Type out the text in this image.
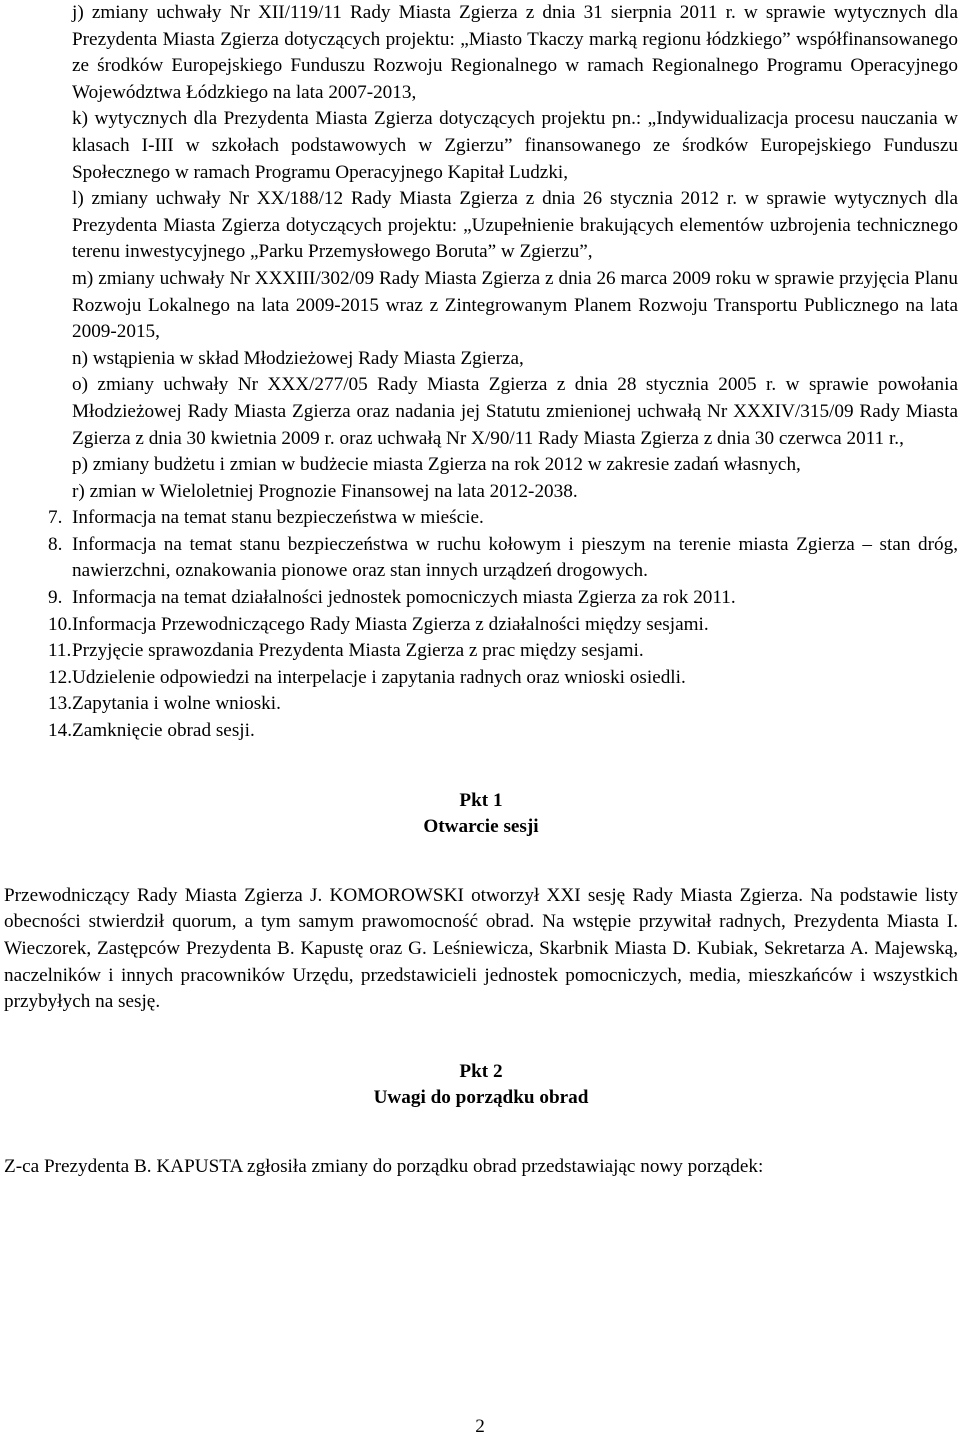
j) zmiany uchwały Nr XII/119/11 Rady Miasta Zgierza z dnia 31 sierpnia 2011 r. w sprawie wytycznych dla Prezydenta Miasta Zgierza dotyczących projektu: „Miasto Tkaczy marką regionu łódzkiego” współfinansowanego ze środków Europejskiego Funduszu Rozwoju Regionalnego w ramach Regionalnego Programu Operacyjnego Województwa Łódzkiego na lata 2007-2013,

k) wytycznych dla Prezydenta Miasta Zgierza dotyczących projektu pn.: „Indywidualizacja procesu nauczania w klasach I-III w szkołach podstawowych w Zgierzu” finansowanego ze środków Europejskiego Funduszu Społecznego w ramach Programu Operacyjnego Kapitał Ludzki,

l) zmiany uchwały Nr XX/188/12 Rady Miasta Zgierza z dnia 26 stycznia 2012 r. w sprawie wytycznych dla Prezydenta Miasta Zgierza dotyczących projektu: „Uzupełnienie brakujących elementów uzbrojenia technicznego terenu inwestycyjnego „Parku Przemysłowego Boruta” w Zgierzu”,

m) zmiany uchwały Nr XXXIII/302/09 Rady Miasta Zgierza z dnia 26 marca 2009 roku w sprawie przyjęcia Planu Rozwoju Lokalnego na lata 2009-2015 wraz z Zintegrowanym Planem Rozwoju Transportu Publicznego na lata 2009-2015,

n) wstąpienia w skład Młodzieżowej Rady Miasta Zgierza,

o) zmiany uchwały Nr XXX/277/05 Rady Miasta Zgierza z dnia 28 stycznia 2005 r. w sprawie powołania Młodzieżowej Rady Miasta Zgierza oraz nadania jej Statutu zmienionej uchwałą Nr XXXIV/315/09 Rady Miasta Zgierza z dnia 30 kwietnia 2009 r. oraz uchwałą Nr X/90/11 Rady Miasta Zgierza z dnia 30 czerwca 2011 r.,

p) zmiany budżetu i zmian w budżecie miasta Zgierza na rok 2012 w zakresie zadań własnych,

r) zmian w Wieloletniej Prognozie Finansowej na lata 2012-2038.

7. Informacja na temat stanu bezpieczeństwa w mieście.
8. Informacja na temat stanu bezpieczeństwa w ruchu kołowym i pieszym na terenie miasta Zgierza – stan dróg, nawierzchni, oznakowania pionowe oraz stan innych urządzeń drogowych.
9. Informacja na temat działalności jednostek pomocniczych miasta Zgierza za rok 2011.
10. Informacja Przewodniczącego Rady Miasta Zgierza z działalności między sesjami.
11. Przyjęcie sprawozdania Prezydenta Miasta Zgierza z prac między sesjami.
12. Udzielenie odpowiedzi na interpelacje i zapytania radnych oraz wnioski osiedli.
13. Zapytania i wolne wnioski.
14. Zamknięcie obrad sesji.
Pkt 1
Otwarcie sesji

Przewodniczący Rady Miasta Zgierza J. KOMOROWSKI otworzył XXI sesję Rady Miasta Zgierza. Na podstawie listy obecności stwierdził quorum, a tym samym prawomocność obrad. Na wstępie przywitał radnych, Prezydenta Miasta I. Wieczorek, Zastępców Prezydenta B. Kapustę oraz G. Leśniewicza, Skarbnik Miasta D. Kubiak, Sekretarza A. Majewską, naczelników i innych pracowników Urzędu, przedstawicieli jednostek pomocniczych, media, mieszkańców i wszystkich przybyłych na sesję.

Pkt 2
Uwagi do porządku obrad

Z-ca Prezydenta B. KAPUSTA zgłosiła zmiany do porządku obrad przedstawiając nowy porządek:

2
